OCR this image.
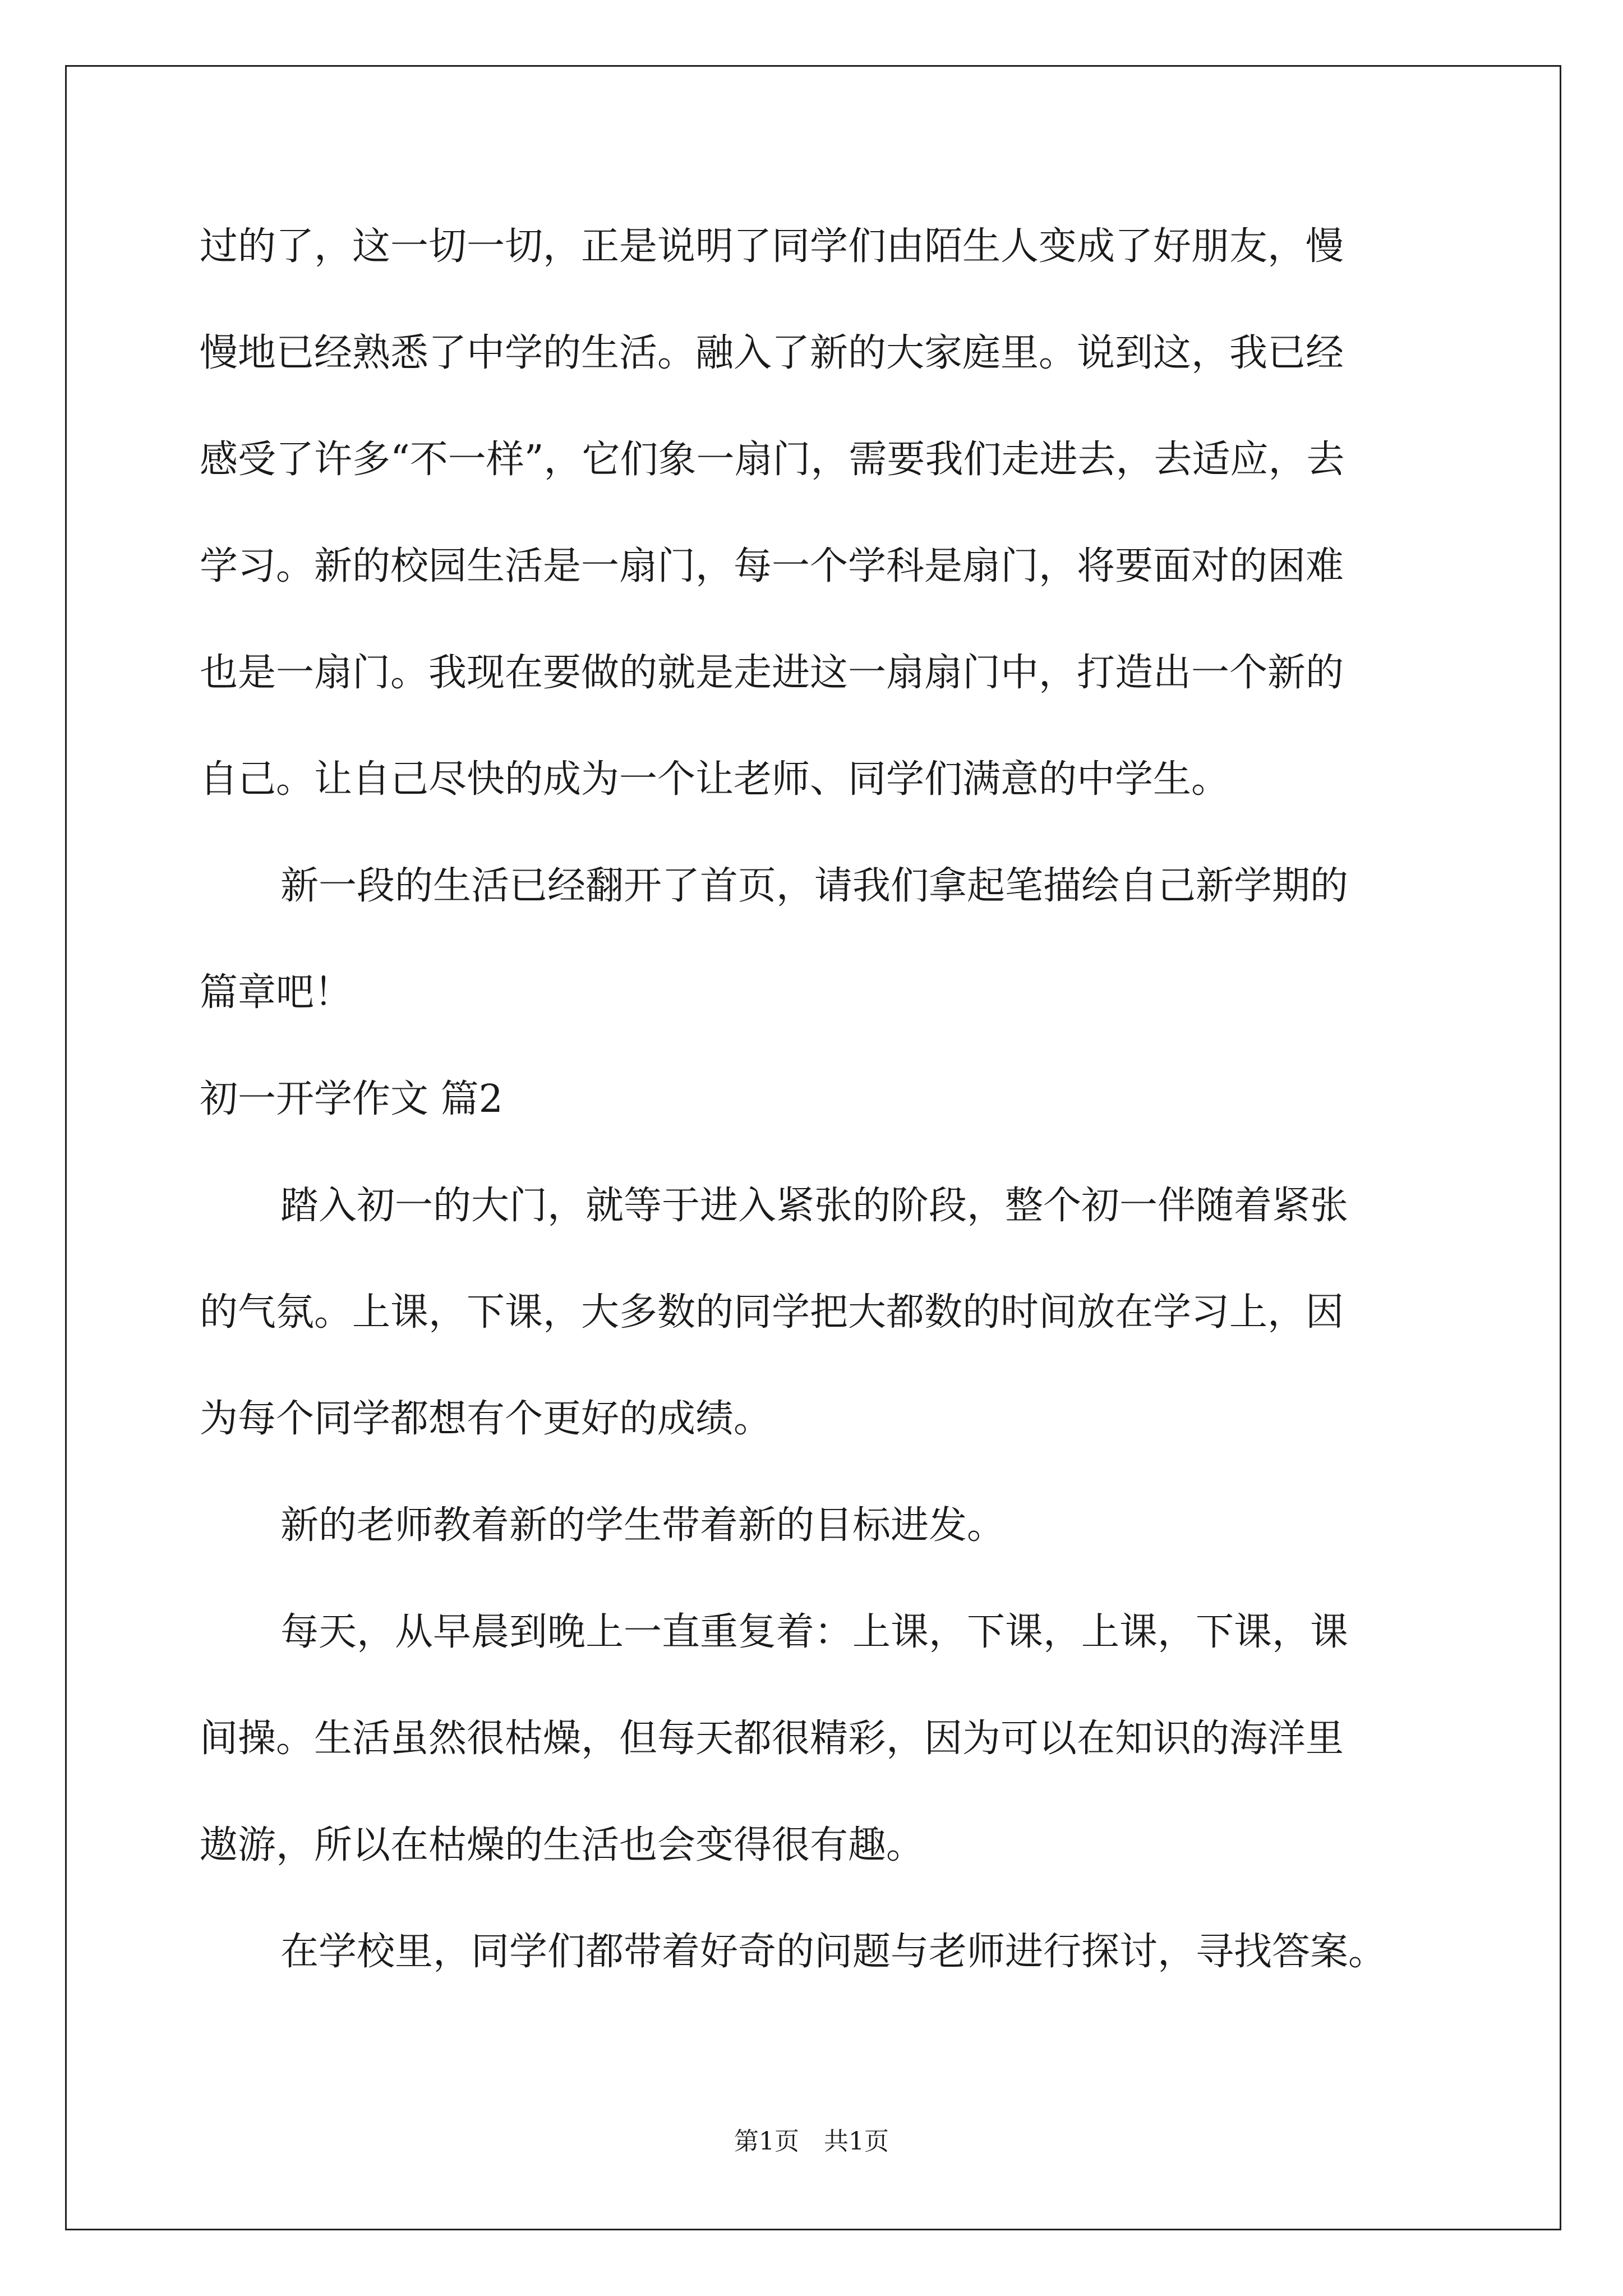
过的了，这一切一切，正是说明了同学们由陌生人变成了好朋友，慢
慢地已经熟悉了中学的生活。融入了新的大家庭里。说到这，我已经
感受了许多“不一样”，它们象一扇门，需要我们走进去，去适应，去
学习。新的校园生活是一扇门，每一个学科是扇门，将要面对的困难
也是一扇门。我现在要做的就是走进这一扇扇门中，打造出一个新的
自己。让自己尽快的成为一个让老师、同学们满意的中学生。
新一段的生活已经翻开了首页，请我们拿起笔描绘自己新学期的
篇章吧！
初一开学作文 篇2
踏入初一的大门，就等于进入紧张的阶段，整个初一伴随着紧张
的气氛。上课，下课，大多数的同学把大都数的时间放在学习上，因
为每个同学都想有个更好的成绩。
新的老师教着新的学生带着新的目标进发。
每天，从早晨到晚上一直重复着：上课，下课，上课，下课，课
间操。生活虽然很枯燥，但每天都很精彩，因为可以在知识的海洋里
遨游，所以在枯燥的生活也会变得很有趣。
在学校里，同学们都带着好奇的问题与老师进行探讨，寻找答案。
第1页　共1页
